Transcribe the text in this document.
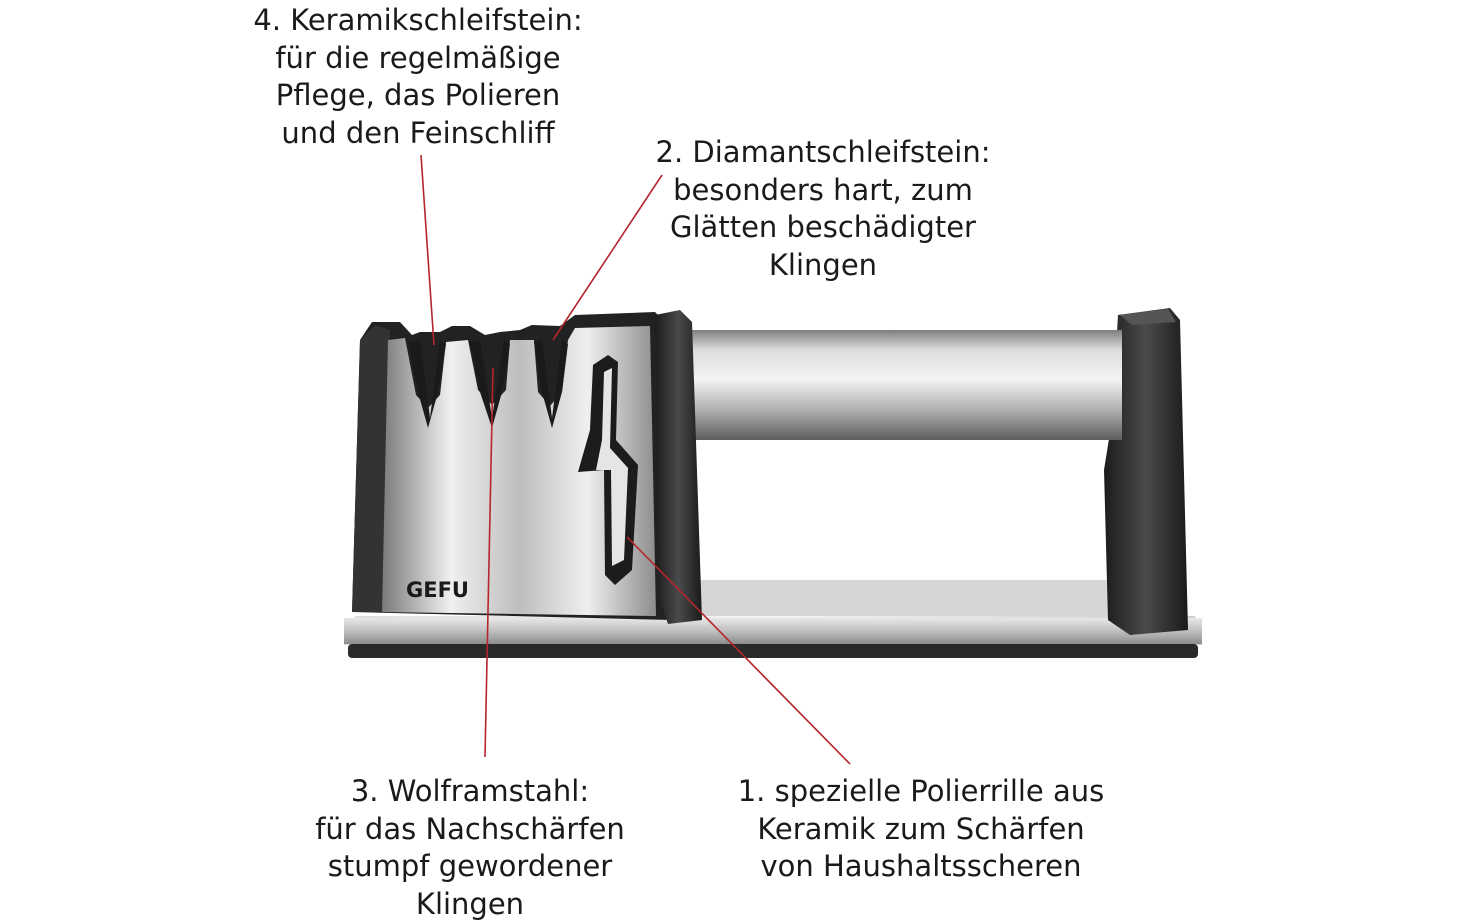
GEFU
4. Keramikschleifstein:
für die regelmäßige
Pflege, das Polieren
und den Feinschliff
2. Diamantschleifstein:
besonders hart, zum
Glätten beschädigter
Klingen
3. Wolframstahl:
für das Nachschärfen
stumpf gewordener
Klingen
1. spezielle Polierrille aus
Keramik zum Schärfen
von Haushaltsscheren
